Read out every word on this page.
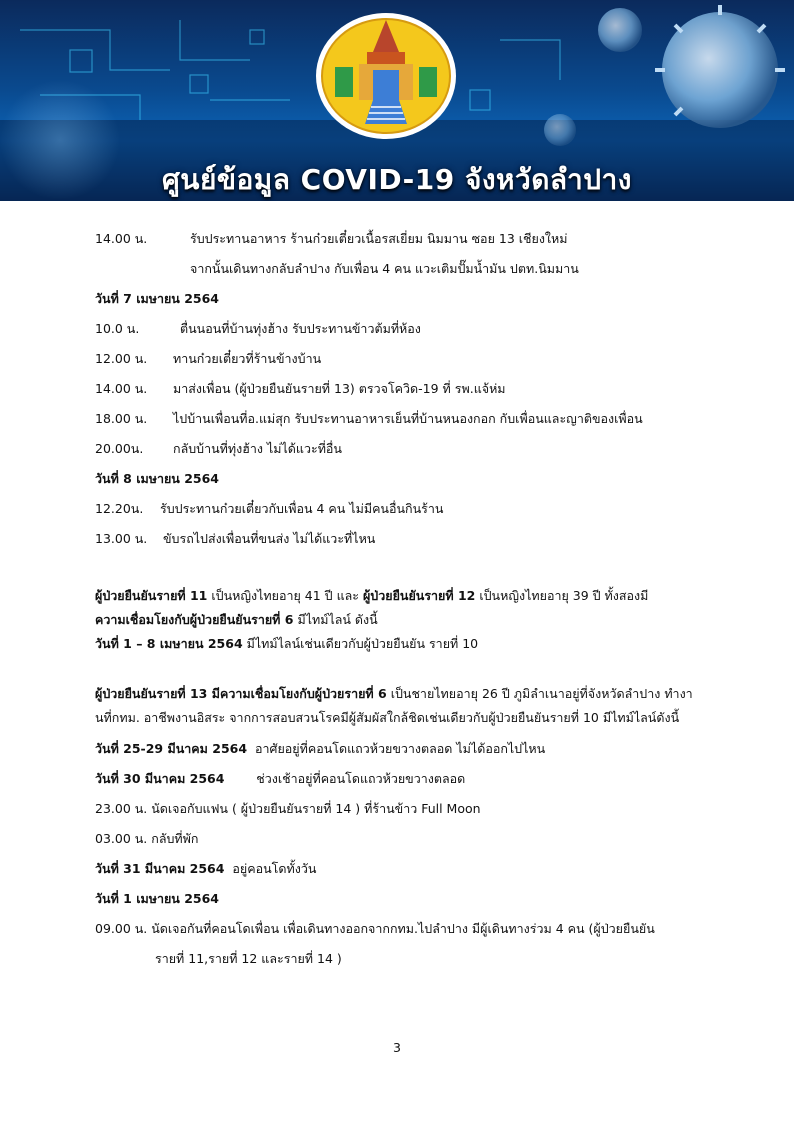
ศูนย์ข้อมูล COVID-19 จังหวัดลำปาง
14.00 น.	รับประทานอาหาร ร้านก๋วยเตี๋ยวเนื้อรสเยี่ยม นิมมาน ซอย 13 เชียงใหม่
จากนั้นเดินทางกลับลำปาง กับเพื่อน 4 คน แวะเติมปั๊มน้ำมัน ปตท.นิมมาน
วันที่ 7 เมษายน 2564
10.0 น.	ตื่นนอนที่บ้านทุ่งฮ้าง รับประทานข้าวต้มที่ห้อง
12.00 น. ทานก๋วยเตี๋ยวที่ร้านข้างบ้าน
14.00 น. มาส่งเพื่อน (ผู้ป่วยยืนยันรายที่ 13) ตรวจโควิด-19 ที่ รพ.แจ้ห่ม
18.00 น. ไปบ้านเพื่อนที่อ.แม่สุก รับประทานอาหารเย็นที่บ้านหนองกอก กับเพื่อนและญาติของเพื่อน
20.00น. กลับบ้านที่ทุ่งฮ้าง ไม่ได้แวะที่อื่น
วันที่ 8 เมษายน 2564
12.20น. รับประทานก๋วยเตี๋ยวกับเพื่อน 4 คน ไม่มีคนอื่นกินร้าน
13.00 น. ขับรถไปส่งเพื่อนที่ขนส่ง ไม่ได้แวะที่ไหน
ผู้ป่วยยืนยันรายที่ 11 เป็นหญิงไทยอายุ 41 ปี และ ผู้ป่วยยืนยันรายที่ 12 เป็นหญิงไทยอายุ 39 ปี ทั้งสองมี
ความเชื่อมโยงกับผู้ป่วยยืนยันรายที่ 6 มีไทม์ไลน์ ดังนี้
วันที่ 1 – 8 เมษายน 2564 มีไทม์ไลน์เช่นเดียวกับผู้ป่วยยืนยัน รายที่ 10
ผู้ป่วยยืนยันรายที่ 13 มีความเชื่อมโยงกับผู้ป่วยรายที่ 6 เป็นชายไทยอายุ 26 ปี ภูมิลำเนาอยู่ที่จังหวัดลำปาง ทำงานที่กทม. อาชีพงานอิสระ จากการสอบสวนโรคมีผู้สัมผัสใกล้ชิดเช่นเดียวกับผู้ป่วยยืนยันรายที่ 10 มีไทม์ไลน์ดังนี้
วันที่ 25-29 มีนาคม 2564  อาศัยอยู่ที่คอนโดแถวห้วยขวางตลอด ไม่ได้ออกไปไหน
วันที่ 30 มีนาคม 2564        ช่วงเช้าอยู่ที่คอนโดแถวห้วยขวางตลอด
23.00 น. นัดเจอกับแฟน ( ผู้ป่วยยืนยันรายที่ 14 ) ที่ร้านข้าว Full Moon
03.00 น. กลับที่พัก
วันที่ 31 มีนาคม 2564  อยู่คอนโดทั้งวัน
วันที่ 1 เมษายน 2564
09.00 น. นัดเจอกันที่คอนโดเพื่อน เพื่อเดินทางออกจากกทม.ไปลำปาง มีผู้เดินทางร่วม 4 คน (ผู้ป่วยยืนยัน
รายที่ 11,รายที่ 12 และรายที่ 14 )
3
